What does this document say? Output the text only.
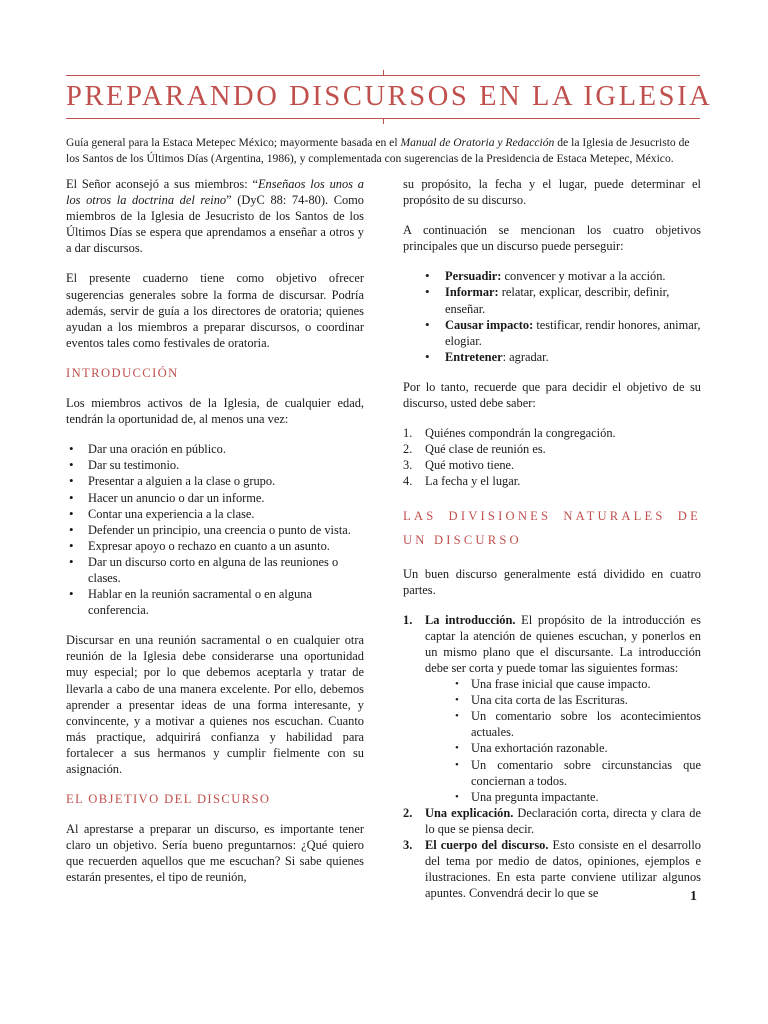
PREPARANDO DISCURSOS EN LA IGLESIA
Guía general para la Estaca Metepec México; mayormente basada en el Manual de Oratoria y Redacción de la Iglesia de Jesucristo de
los Santos de los Últimos Días (Argentina, 1986), y complementada con sugerencias de la Presidencia de Estaca Metepec, México.

El Señor aconsejó a sus miembros: “Enseñaos los unos a los otros la doctrina del reino” (DyC 88: 74-80). Como miembros de la Iglesia de Jesucristo de los Santos de los Últimos Días se espera que aprendamos a enseñar a otros y a dar discursos.

El presente cuaderno tiene como objetivo ofrecer sugerencias generales sobre la forma de discursar. Podría además, servir de guía a los directores de oratoria; quienes ayudan a los miembros a preparar discursos, o coordinar eventos tales como festivales de oratoria.

INTRODUCCIÓN

Los miembros activos de la Iglesia, de cualquier edad, tendrán la oportunidad de, al menos una vez:

• Dar una oración en público.
• Dar su testimonio.
• Presentar a alguien a la clase o grupo.
• Hacer un anuncio o dar un informe.
• Contar una experiencia a la clase.
• Defender un principio, una creencia o punto de vista.
• Expresar apoyo o rechazo en cuanto a un asunto.
• Dar un discurso corto en alguna de las reuniones o clases.
• Hablar en la reunión sacramental o en alguna conferencia.

Discursar en una reunión sacramental o en cualquier otra reunión de la Iglesia debe considerarse una oportunidad muy especial; por lo que debemos aceptarla y tratar de llevarla a cabo de una manera excelente. Por ello, debemos aprender a presentar ideas de una forma interesante, y convincente, y a motivar a quienes nos escuchan. Cuanto más practique, adquirirá confianza y habilidad para fortalecer a sus hermanos y cumplir fielmente con su asignación.

EL OBJETIVO DEL DISCURSO

Al aprestarse a preparar un discurso, es importante tener claro un objetivo. Sería bueno preguntarnos: ¿Qué quiero que recuerden aquellos que me escuchan? Si sabe quienes estarán presentes, el tipo de reunión,

su propósito, la fecha y el lugar, puede determinar el propósito de su discurso.

A continuación se mencionan los cuatro objetivos principales que un discurso puede perseguir:

• Persuadir: convencer y motivar a la acción.
• Informar: relatar, explicar, describir, definir, enseñar.
• Causar impacto: testificar, rendir honores, animar, elogiar.
• Entretener: agradar.

Por lo tanto, recuerde que para decidir el objetivo de su discurso, usted debe saber:

1. Quiénes compondrán la congregación.
2. Qué clase de reunión es.
3. Qué motivo tiene.
4. La fecha y el lugar.
LAS DIVISIONES NATURALES DE UN DISCURSO

Un buen discurso generalmente está dividido en cuatro partes.

1. La introducción. El propósito de la introducción es captar la atención de quienes escuchan, y ponerlos en un mismo plano que el discursante. La introducción debe ser corta y puede tomar las siguientes formas:
• Una frase inicial que cause impacto.
• Una cita corta de las Escrituras.
• Un comentario sobre los acontecimientos actuales.
• Una exhortación razonable.
• Un comentario sobre circunstancias que conciernan a todos.
• Una pregunta impactante.
2. Una explicación. Declaración corta, directa y clara de lo que se piensa decir.
3. El cuerpo del discurso. Esto consiste en el desarrollo del tema por medio de datos, opiniones, ejemplos e ilustraciones. En esta parte conviene utilizar algunos apuntes. Convendrá decir lo que se	1
